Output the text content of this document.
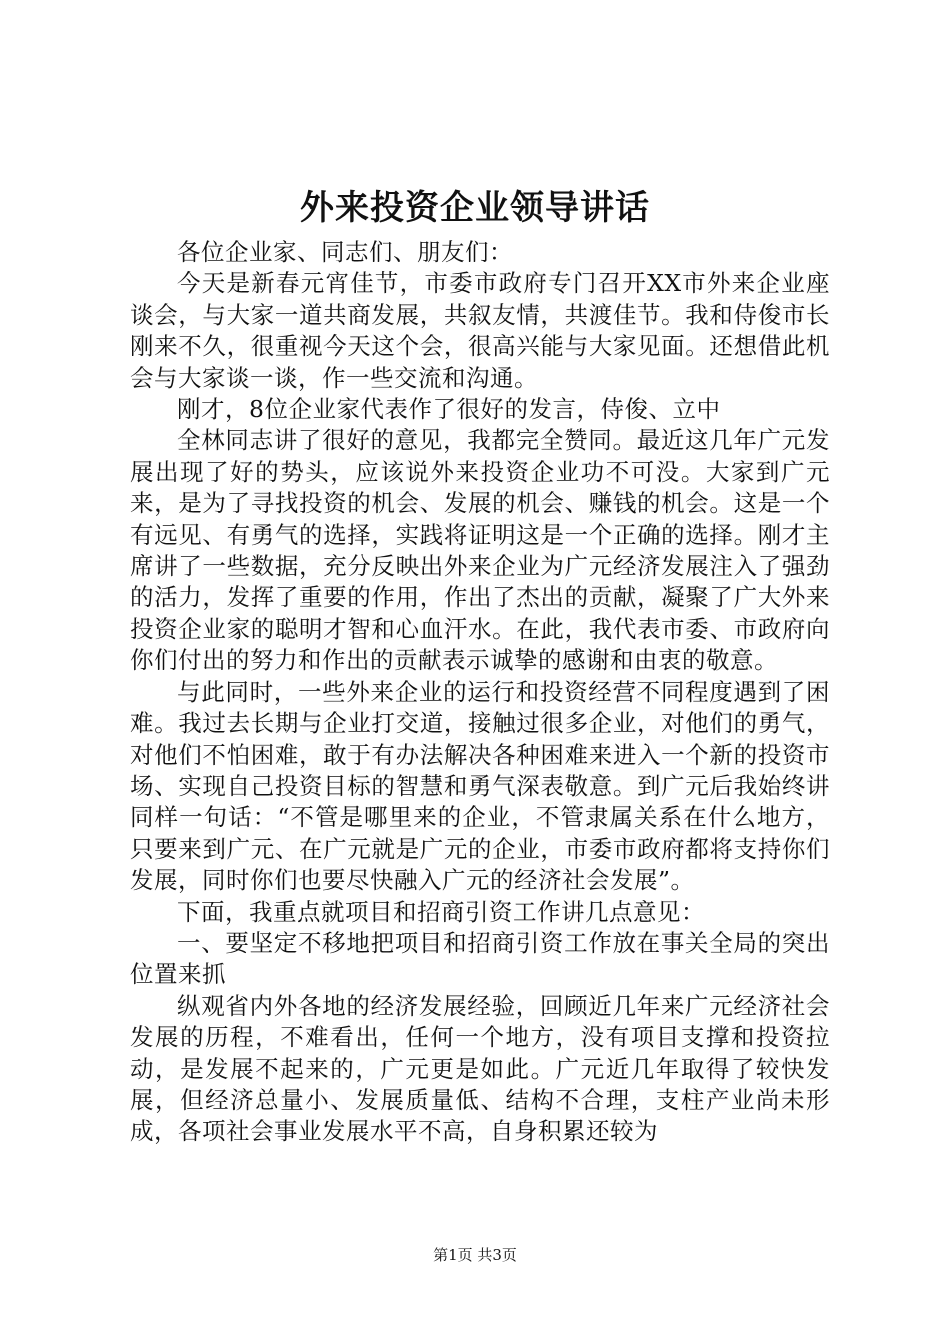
外来投资企业领导讲话

各位企业家、同志们、朋友们：

今天是新春元宵佳节，市委市政府专门召开XX市外来企业座谈会，与大家一道共商发展，共叙友情，共渡佳节。我和侍俊市长刚来不久，很重视今天这个会，很高兴能与大家见面。还想借此机会与大家谈一谈，作一些交流和沟通。

刚才，8位企业家代表作了很好的发言，侍俊、立中

全林同志讲了很好的意见，我都完全赞同。最近这几年广元发展出现了好的势头，应该说外来投资企业功不可没。大家到广元来，是为了寻找投资的机会、发展的机会、赚钱的机会。这是一个有远见、有勇气的选择，实践将证明这是一个正确的选择。刚才主席讲了一些数据，充分反映出外来企业为广元经济发展注入了强劲的活力，发挥了重要的作用，作出了杰出的贡献，凝聚了广大外来投资企业家的聪明才智和心血汗水。在此，我代表市委、市政府向你们付出的努力和作出的贡献表示诚挚的感谢和由衷的敬意。

与此同时，一些外来企业的运行和投资经营不同程度遇到了困难。我过去长期与企业打交道，接触过很多企业，对他们的勇气，对他们不怕困难，敢于有办法解决各种困难来进入一个新的投资市场、实现自己投资目标的智慧和勇气深表敬意。到广元后我始终讲同样一句话：“不管是哪里来的企业，不管隶属关系在什么地方，只要来到广元、在广元就是广元的企业，市委市政府都将支持你们发展，同时你们也要尽快融入广元的经济社会发展”。

下面，我重点就项目和招商引资工作讲几点意见：

一、要坚定不移地把项目和招商引资工作放在事关全局的突出位置来抓

纵观省内外各地的经济发展经验，回顾近几年来广元经济社会发展的历程，不难看出，任何一个地方，没有项目支撑和投资拉动，是发展不起来的，广元更是如此。广元近几年取得了较快发展，但经济总量小、发展质量低、结构不合理，支柱产业尚未形成，各项社会事业发展水平不高，自身积累还较为

第1页 共3页
